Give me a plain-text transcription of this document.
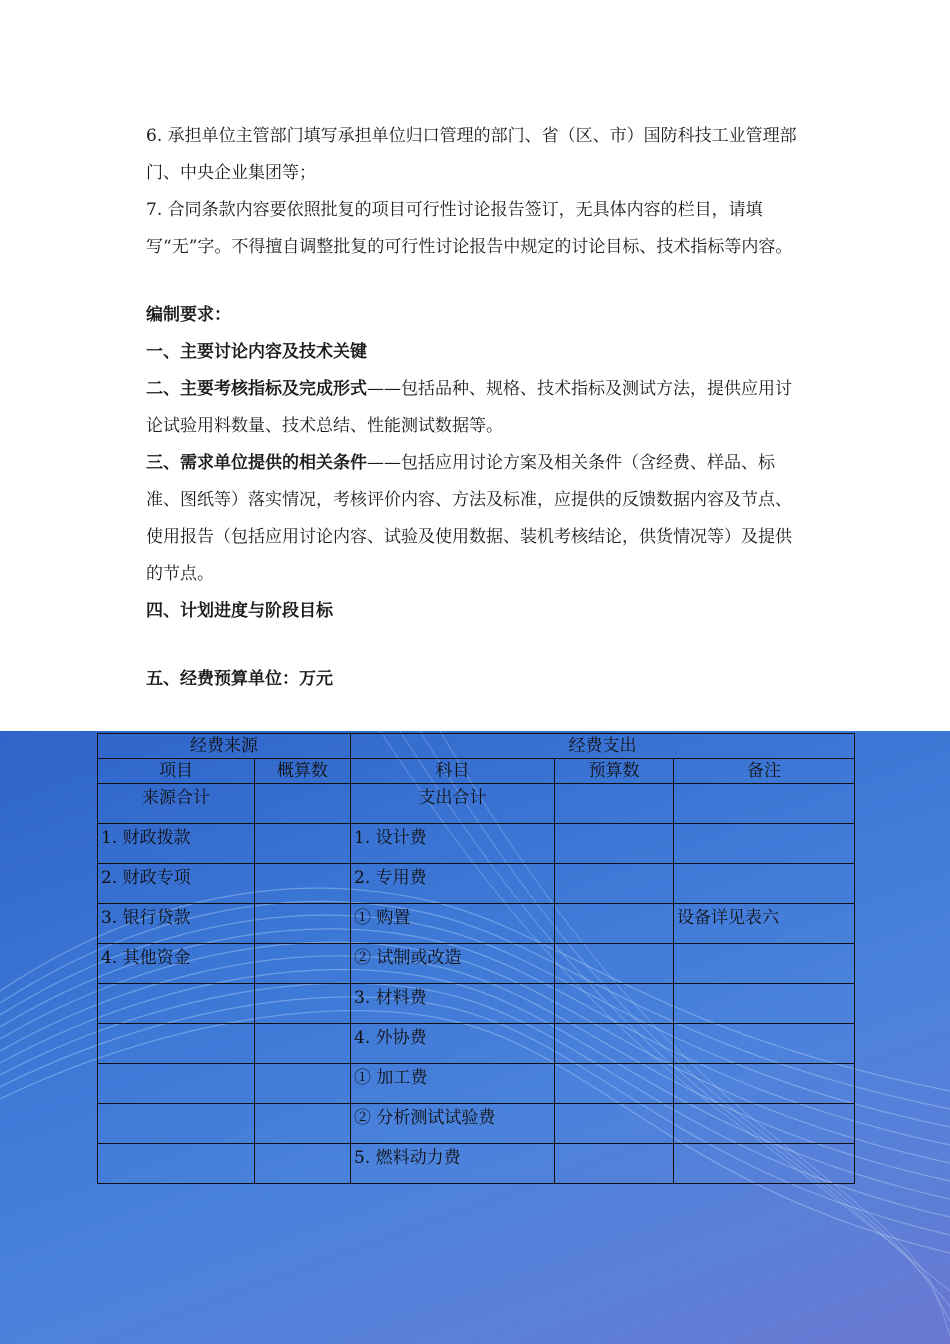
6. 承担单位主管部门填写承担单位归口管理的部门、省（区、市）国防科技工业管理部门、中央企业集团等；

7. 合同条款内容要依照批复的项目可行性讨论报告签订，无具体内容的栏目，请填写“无”字。不得擅自调整批复的可行性讨论报告中规定的讨论目标、技术指标等内容。

编制要求：

一、主要讨论内容及技术关键

二、主要考核指标及完成形式——包括品种、规格、技术指标及测试方法，提供应用讨论试验用料数量、技术总结、性能测试数据等。

三、需求单位提供的相关条件——包括应用讨论方案及相关条件（含经费、样品、标准、图纸等）落实情况，考核评价内容、方法及标准，应提供的反馈数据内容及节点、使用报告（包括应用讨论内容、试验及使用数据、装机考核结论，供货情况等）及提供的节点。

四、计划进度与阶段目标

五、经费预算单位：万元

经费来源		经费支出		
项目	概算数	科目	预算数	备注
来源合计		支出合计		
1. 财政拨款		1. 设计费		
2. 财政专项		2. 专用费		
3. 银行贷款		① 购置		设备详见表六
4. 其他资金		② 试制或改造		
		3. 材料费		
		4. 外协费		
		① 加工费		
		② 分析测试试验费		
		5. 燃料动力费		
